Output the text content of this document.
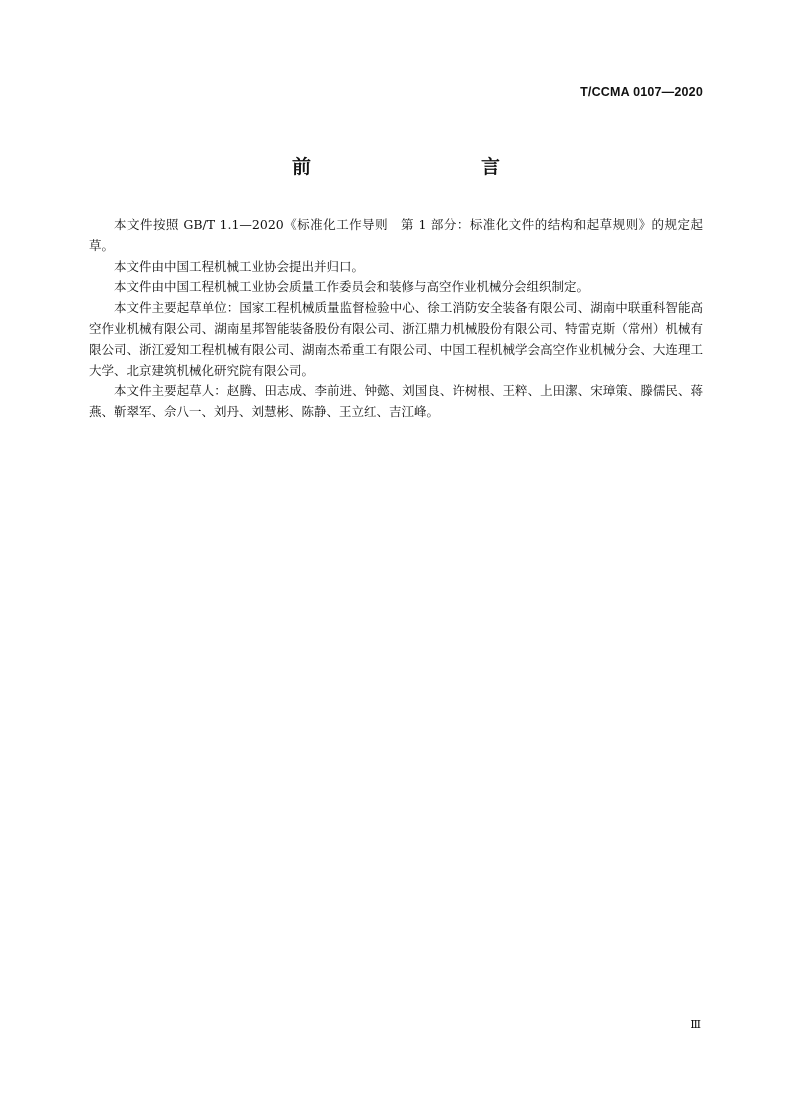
T/CCMA 0107—2020
前　　言

本文件按照 GB/T 1.1—2020《标准化工作导则　第 1 部分：标准化文件的结构和起草规则》的规定起草。

本文件由中国工程机械工业协会提出并归口。

本文件由中国工程机械工业协会质量工作委员会和装修与高空作业机械分会组织制定。

本文件主要起草单位：国家工程机械质量监督检验中心、徐工消防安全装备有限公司、湖南中联重科智能高空作业机械有限公司、湖南星邦智能装备股份有限公司、浙江鼎力机械股份有限公司、特雷克斯（常州）机械有限公司、浙江爱知工程机械有限公司、湖南杰希重工有限公司、中国工程机械学会高空作业机械分会、大连理工大学、北京建筑机械化研究院有限公司。

本文件主要起草人：赵腾、田志成、李前进、钟懿、刘国良、许树根、王粹、上田潔、宋璋策、滕儒民、蒋燕、靳翠军、佘八一、刘丹、刘慧彬、陈静、王立红、吉江峰。

Ⅲ
